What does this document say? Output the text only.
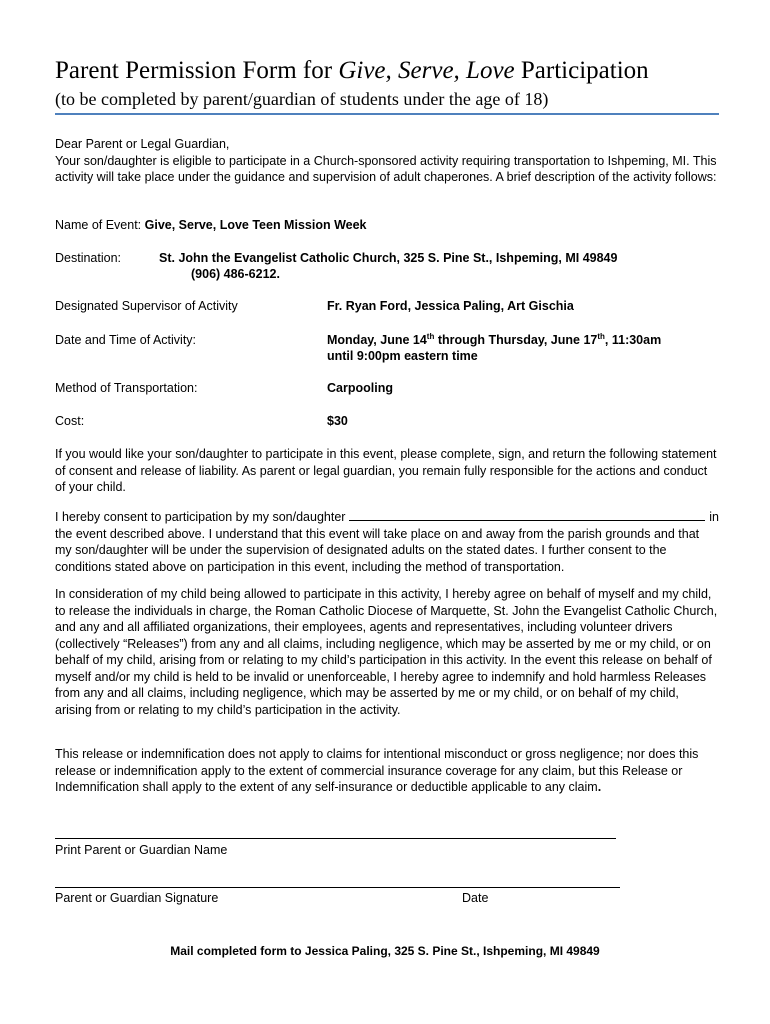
Parent Permission Form for Give, Serve, Love Participation
(to be completed by parent/guardian of students under the age of 18)
Dear Parent or Legal Guardian,
Your son/daughter is eligible to participate in a Church-sponsored activity requiring transportation to Ishpeming, MI. This activity will take place under the guidance and supervision of adult chaperones. A brief description of the activity follows:
Name of Event: Give, Serve, Love Teen Mission Week
Destination:	St. John the Evangelist Catholic Church, 325 S. Pine St., Ishpeming, MI 49849
(906) 486-6212.
Designated Supervisor of Activity	Fr. Ryan Ford, Jessica Paling, Art Gischia
Date and Time of Activity:	Monday, June 14th through Thursday, June 17th, 11:30am
until 9:00pm eastern time
Method of Transportation:	Carpooling
Cost:	$30
If you would like your son/daughter to participate in this event, please complete, sign, and return the following statement of consent and release of liability. As parent or legal guardian, you remain fully responsible for the actions and conduct of your child.
I hereby consent to participation by my son/daughter	in
the event described above. I understand that this event will take place on and away from the parish grounds and that my son/daughter will be under the supervision of designated adults on the stated dates. I further consent to the conditions stated above on participation in this event, including the method of transportation.
In consideration of my child being allowed to participate in this activity, I hereby agree on behalf of myself and my child, to release the individuals in charge, the Roman Catholic Diocese of Marquette, St. John the Evangelist Catholic Church, and any and all affiliated organizations, their employees, agents and representatives, including volunteer drivers (collectively “Releases”) from any and all claims, including negligence, which may be asserted by me or my child, or on behalf of my child, arising from or relating to my child’s participation in this activity. In the event this release on behalf of myself and/or my child is held to be invalid or unenforceable, I hereby agree to indemnify and hold harmless Releases from any and all claims, including negligence, which may be asserted by me or my child, or on behalf of my child, arising from or relating to my child’s participation in the activity.
This release or indemnification does not apply to claims for intentional misconduct or gross negligence; nor does this release or indemnification apply to the extent of commercial insurance coverage for any claim, but this Release or Indemnification shall apply to the extent of any self-insurance or deductible applicable to any claim.
Print Parent or Guardian Name
Parent or Guardian Signature	Date
Mail completed form to Jessica Paling, 325 S. Pine St., Ishpeming, MI 49849
